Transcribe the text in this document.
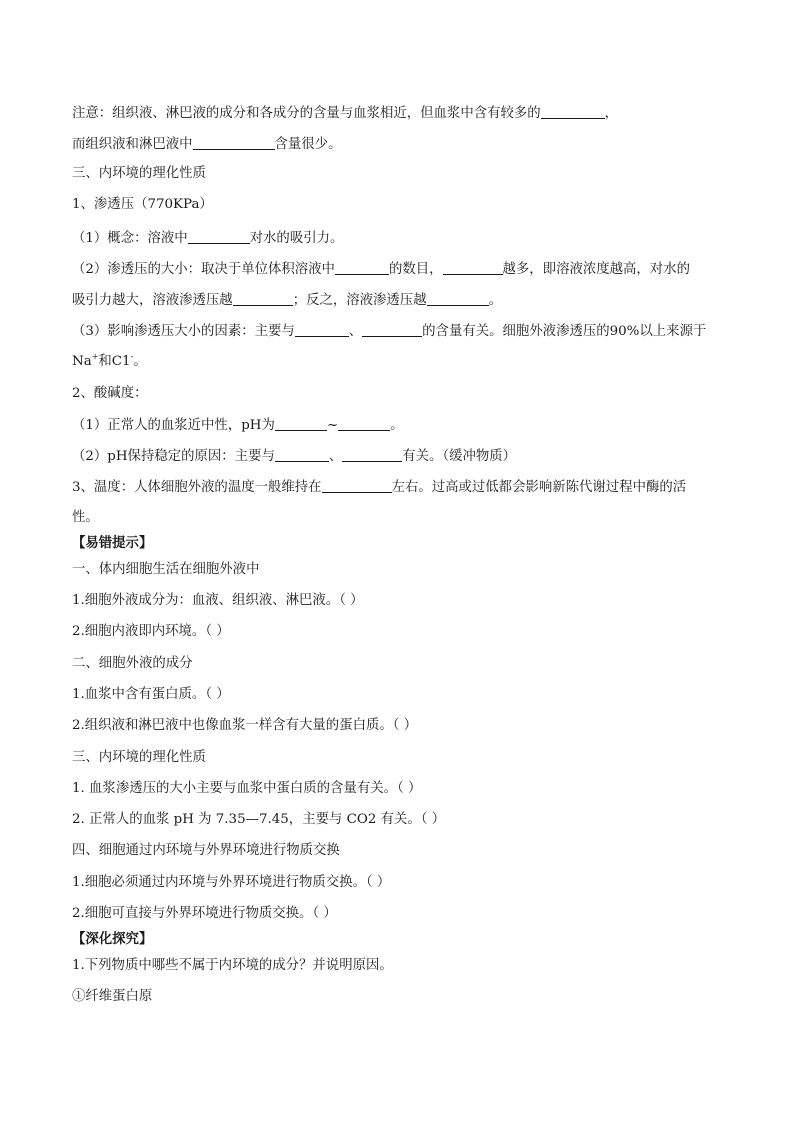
注意：组织液、淋巴液的成分和各成分的含量与血浆相近，但血浆中含有较多的	，
而组织液和淋巴液中	含量很少。
三、内环境的理化性质
1、渗透压（770KPa）
（1）概念：溶液中	对水的吸引力。
（2）渗透压的大小：取决于单位体积溶液中	的数目，	越多，即溶液浓度越高，对水的
吸引力越大，溶液渗透压越	；反之，溶液渗透压越	。
（3）影响渗透压大小的因素：主要与	、	的含量有关。细胞外液渗透压的90%以上来源于
Na+和C1-。
2、酸碱度：
（1）正常人的血浆近中性，pH为	~	。
（2）pH保持稳定的原因：主要与	、	有关。（缓冲物质）
3、温度：人体细胞外液的温度一般维持在	左右。过高或过低都会影响新陈代谢过程中酶的活
性。
【易错提示】
一、体内细胞生活在细胞外液中
1.细胞外液成分为：血液、组织液、淋巴液。（ ）
2.细胞内液即内环境。（ ）
二、细胞外液的成分
1.血浆中含有蛋白质。（ ）
2.组织液和淋巴液中也像血浆一样含有大量的蛋白质。（ ）
三、内环境的理化性质
1. 血浆渗透压的大小主要与血浆中蛋白质的含量有关。（ ）
2. 正常人的血浆 pH 为 7.35—7.45，主要与 CO2 有关。（ ）
四、细胞通过内环境与外界环境进行物质交换
1.细胞必须通过内环境与外界环境进行物质交换。（ ）
2.细胞可直接与外界环境进行物质交换。（ ）
【深化探究】
1.下列物质中哪些不属于内环境的成分？并说明原因。
①纤维蛋白原
